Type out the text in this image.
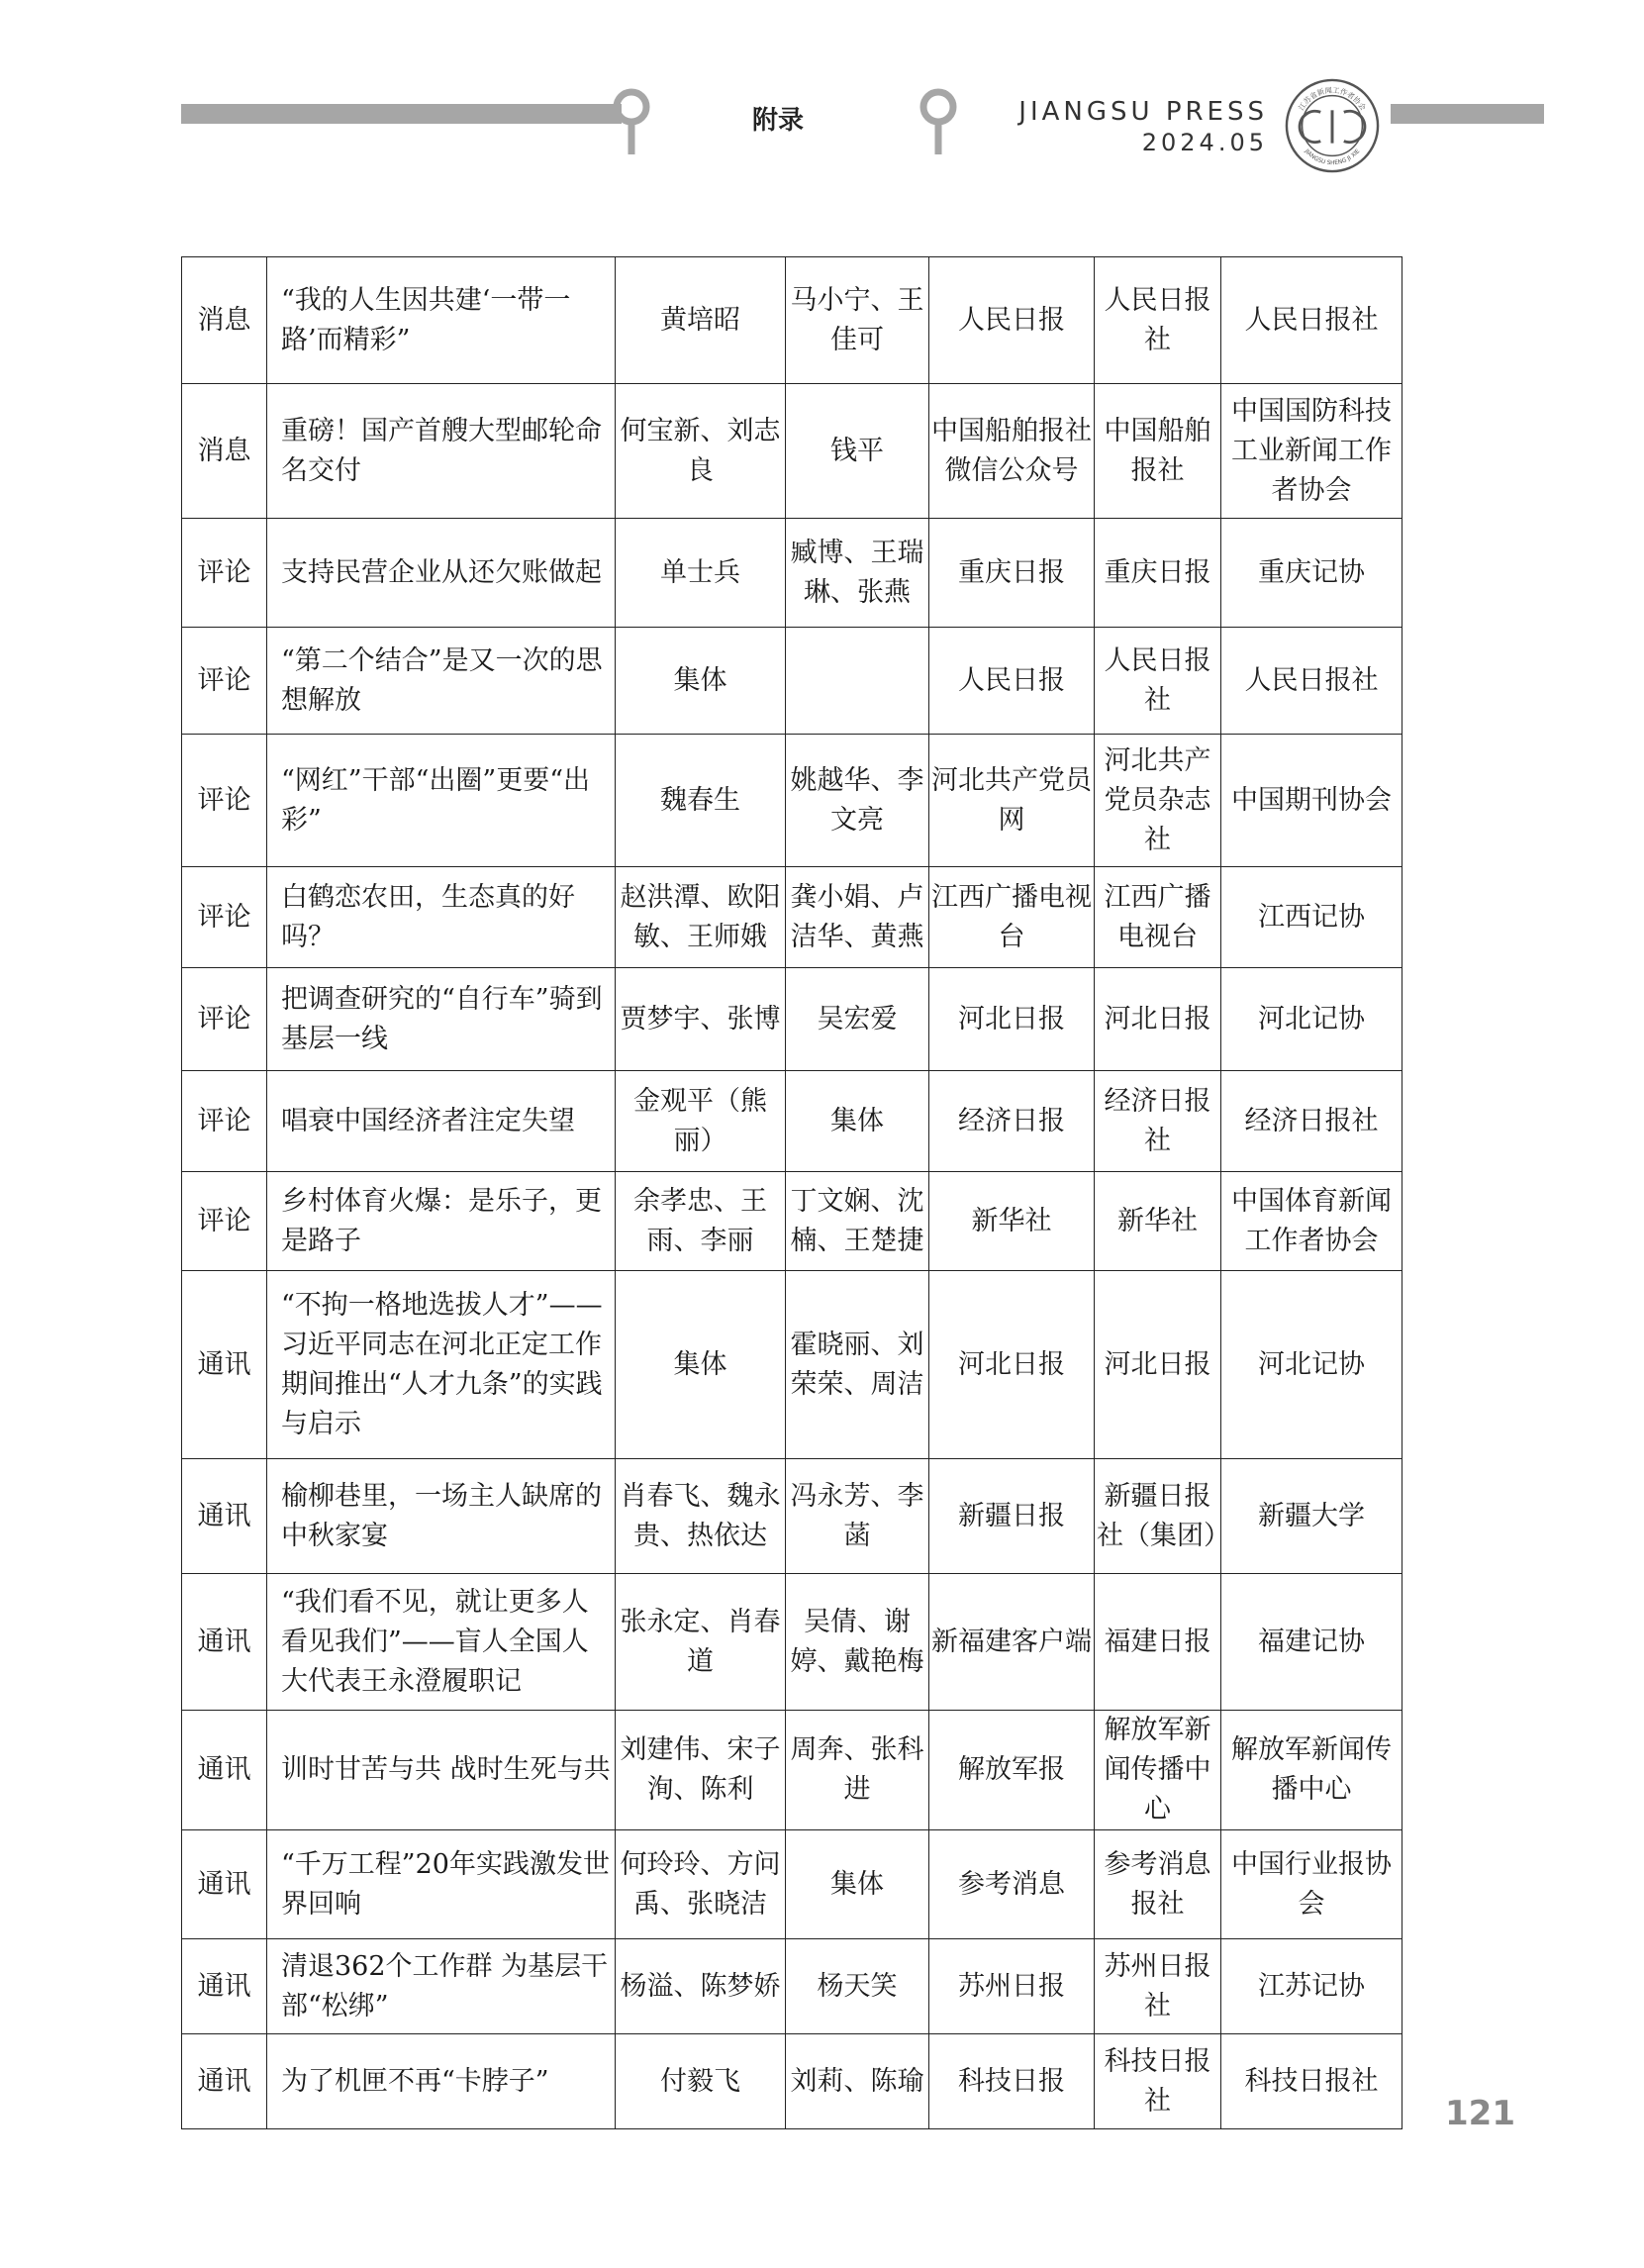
附录	JIANGSU PRESS
2024.05
江苏省新闻工作者协会
JIANGSU SHENG JI XIE
消息	“我的人生因共建‘一带一路’而精彩”	黄培昭	马小宁、王佳可	人民日报	人民日报社	人民日报社
消息	重磅！国产首艘大型邮轮命名交付	何宝新、刘志良	钱平	中国船舶报社微信公众号	中国船舶报社	中国国防科技工业新闻工作者协会
评论	支持民营企业从还欠账做起	单士兵	臧博、王瑞琳、张燕	重庆日报	重庆日报	重庆记协
评论	“第二个结合”是又一次的思想解放	集体		人民日报	人民日报社	人民日报社
评论	“网红”干部“出圈”更要“出彩”	魏春生	姚越华、李文亮	河北共产党员网	河北共产党员杂志社	中国期刊协会
评论	白鹤恋农田，生态真的好吗？	赵洪潭、欧阳敏、王师娥	龚小娟、卢洁华、黄燕	江西广播电视台	江西广播电视台	江西记协
评论	把调查研究的“自行车”骑到基层一线	贾梦宇、张博	吴宏爱	河北日报	河北日报	河北记协
评论	唱衰中国经济者注定失望	金观平（熊丽）	集体	经济日报	经济日报社	经济日报社
评论	乡村体育火爆：是乐子，更是路子	余孝忠、王雨、李丽	丁文娴、沈楠、王楚捷	新华社	新华社	中国体育新闻工作者协会
通讯	“不拘一格地选拔人才”——习近平同志在河北正定工作期间推出“人才九条”的实践与启示	集体	霍晓丽、刘荣荣、周洁	河北日报	河北日报	河北记协
通讯	榆柳巷里，一场主人缺席的中秋家宴	肖春飞、魏永贵、热依达	冯永芳、李菡	新疆日报	新疆日报社（集团）	新疆大学
通讯	“我们看不见，就让更多人看见我们”——盲人全国人大代表王永澄履职记	张永定、肖春道	吴倩、谢婷、戴艳梅	新福建客户端	福建日报	福建记协
通讯	训时甘苦与共 战时生死与共	刘建伟、宋子洵、陈利	周奔、张科进	解放军报	解放军新闻传播中心	解放军新闻传播中心
通讯	“千万工程”20年实践激发世界回响	何玲玲、方问禹、张晓洁	集体	参考消息	参考消息报社	中国行业报协会
通讯	清退362个工作群 为基层干部“松绑”	杨溢、陈梦娇	杨天笑	苏州日报	苏州日报社	江苏记协
通讯	为了机匣不再“卡脖子”	付毅飞	刘莉、陈瑜	科技日报	科技日报社	科技日报社
121
